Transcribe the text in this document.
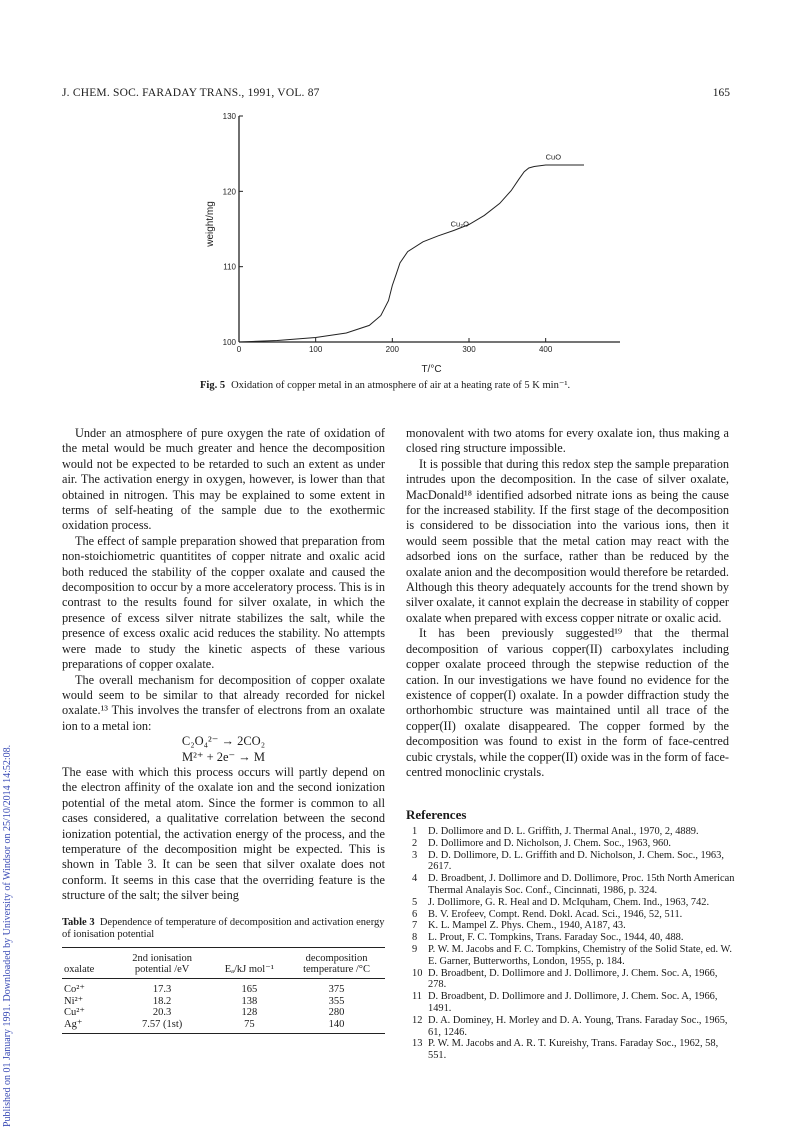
J. CHEM. SOC. FARADAY TRANS., 1991, VOL. 87	165
Published on 01 January 1991. Downloaded by University of Windsor on 25/10/2014 14:52:08.
0	100	200	300	400
100
110
120
130
T/°C
weight/mg	Cu₂O
CuO
Fig. 5 Oxidation of copper metal in an atmosphere of air at a heating rate of 5 K min⁻¹.

Under an atmosphere of pure oxygen the rate of oxidation of the metal would be much greater and hence the decomposition would not be expected to be retarded to such an extent as under air. The activation energy in oxygen, however, is lower than that obtained in nitrogen. This may be explained to some extent in terms of self-heating of the sample due to the exothermic oxidation process.

The effect of sample preparation showed that preparation from non-stoichiometric quantitites of copper nitrate and oxalic acid both reduced the stability of the copper oxalate and caused the decomposition to occur by a more acceleratory process. This is in contrast to the results found for silver oxalate, in which the presence of excess silver nitrate stabilizes the salt, while the presence of excess oxalic acid reduces the stability. No attempts were made to study the kinetic aspects of these various preparations of copper oxalate.

The overall mechanism for decomposition of copper oxalate would seem to be similar to that already recorded for nickel oxalate.¹³ This involves the transfer of electrons from an oxalate ion to a metal ion:

C₂O₄²⁻ → 2CO₂

M²⁺ + 2e⁻ → M

The ease with which this process occurs will partly depend on the electron affinity of the oxalate ion and the second ionization potential of the metal atom. Since the former is common to all cases considered, a qualitative correlation between the second ionization potential, the activation energy of the process, and the temperature of the decomposition might be expected. This is shown in Table 3. It can be seen that silver oxalate does not conform. It seems in this case that the overriding feature is the structure of the salt; the silver being

Table 3 Dependence of temperature of decomposition and activation energy of ionisation potential
oxalate	2nd ionisation potential /eV	Eₐ/kJ mol⁻¹	decomposition temperature /°C
Co²⁺	17.3	165	375
Ni²⁺	18.2	138	355
Cu²⁺	20.3	128	280
Ag⁺	7.57 (1st)	75	140

monovalent with two atoms for every oxalate ion, thus making a closed ring structure impossible.

It is possible that during this redox step the sample preparation intrudes upon the decomposition. In the case of silver oxalate, MacDonald¹⁸ identified adsorbed nitrate ions as being the cause for the increased stability. If the first stage of the decomposition is considered to be dissociation into the various ions, then it would seem possible that the metal cation may react with the adsorbed ions on the surface, rather than be reduced by the oxalate anion and the decomposition would therefore be retarded. Although this theory adequately accounts for the trend shown by silver oxalate, it cannot explain the decrease in stability of copper oxalate when prepared with excess copper nitrate or oxalic acid.

It has been previously suggested¹⁹ that the thermal decomposition of various copper(II) carboxylates including copper oxalate proceed through the stepwise reduction of the cation. In our investigations we have found no evidence for the existence of copper(I) oxalate. In a powder diffraction study the orthorhombic structure was maintained until all trace of the copper(II) oxalate disappeared. The copper formed by the decomposition was found to exist in the form of face-centred cubic crystals, while the copper(II) oxide was in the form of face-centred monoclinic crystals.

References
1	D. Dollimore and D. L. Griffith, J. Thermal Anal., 1970, 2, 4889.
2	D. Dollimore and D. Nicholson, J. Chem. Soc., 1963, 960.
3	D. D. Dollimore, D. L. Griffith and D. Nicholson, J. Chem. Soc., 1963, 2617.
4	D. Broadbent, J. Dollimore and D. Dollimore, Proc. 15th North American Thermal Analayis Soc. Conf., Cincinnati, 1986, p. 324.
5	J. Dollimore, G. R. Heal and D. McIquham, Chem. Ind., 1963, 742.
6	B. V. Erofeev, Compt. Rend. Dokl. Acad. Sci., 1946, 52, 511.
7	K. L. Mampel Z. Phys. Chem., 1940, A187, 43.
8	L. Prout, F. C. Tompkins, Trans. Faraday Soc., 1944, 40, 488.
9	P. W. M. Jacobs and F. C. Tompkins, Chemistry of the Solid State, ed. W. E. Garner, Butterworths, London, 1955, p. 184.
10 D. Broadbent, D. Dollimore and J. Dollimore, J. Chem. Soc. A, 1966, 278.
11 D. Broadbent, D. Dollimore and J. Dollimore, J. Chem. Soc. A, 1966, 1491.
12 D. A. Dominey, H. Morley and D. A. Young, Trans. Faraday Soc., 1965, 61, 1246.
13 P. W. M. Jacobs and A. R. T. Kureishy, Trans. Faraday Soc., 1962, 58, 551.
